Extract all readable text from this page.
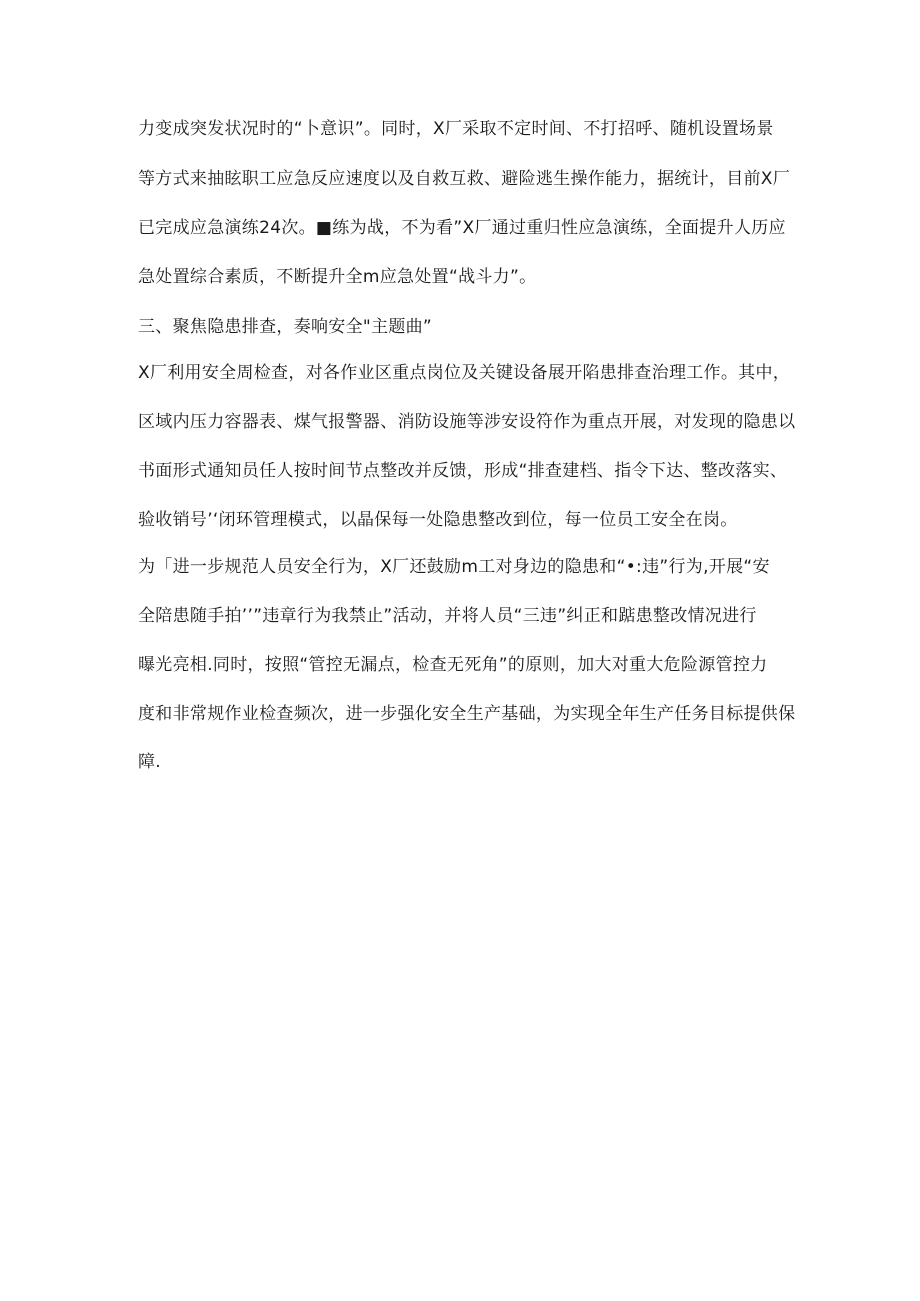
力变成突发状况时的“卜意识”。同时，X厂采取不定时间、不打招呼、随机设置场景
等方式来抽眩职工应急反应速度以及自救互救、避险逃生操作能力，据统计，目前X厂
已完成应急演练24次。■练为战，不为看”X厂通过重归性应急演练，全面提升人历应
急处置综合素质，不断提升全m应急处置“战斗力”。
三、聚焦隐患排查，奏响安全"主题曲”
X厂利用安全周检查，对各作业区重点岗位及关键设备展开陷患排查治理工作。其中，
区域内压力容器表、煤气报警器、消防设施等涉安设符作为重点开展，对发现的隐患以
书面形式通知员任人按时间节点整改并反馈，形成“排查建档、指令下达、整改落实、
验收销号’‘闭环管理模式，以晶保每一处隐患整改到位，每一位员工安全在岗。
为「进一步规范人员安全行为，X厂还鼓励m工对身边的隐患和“•:违”行为,开展“安
全陪患随手拍’’”违章行为我禁止”活动，并将人员“三违”纠正和踮患整改情况进行
曝光亮相.同时，按照“管控无漏点，检查无死角”的原则，加大对重大危险源管控力
度和非常规作业检查频次，进一步强化安全生产基础，为实现全年生产任务目标提供保
障.
